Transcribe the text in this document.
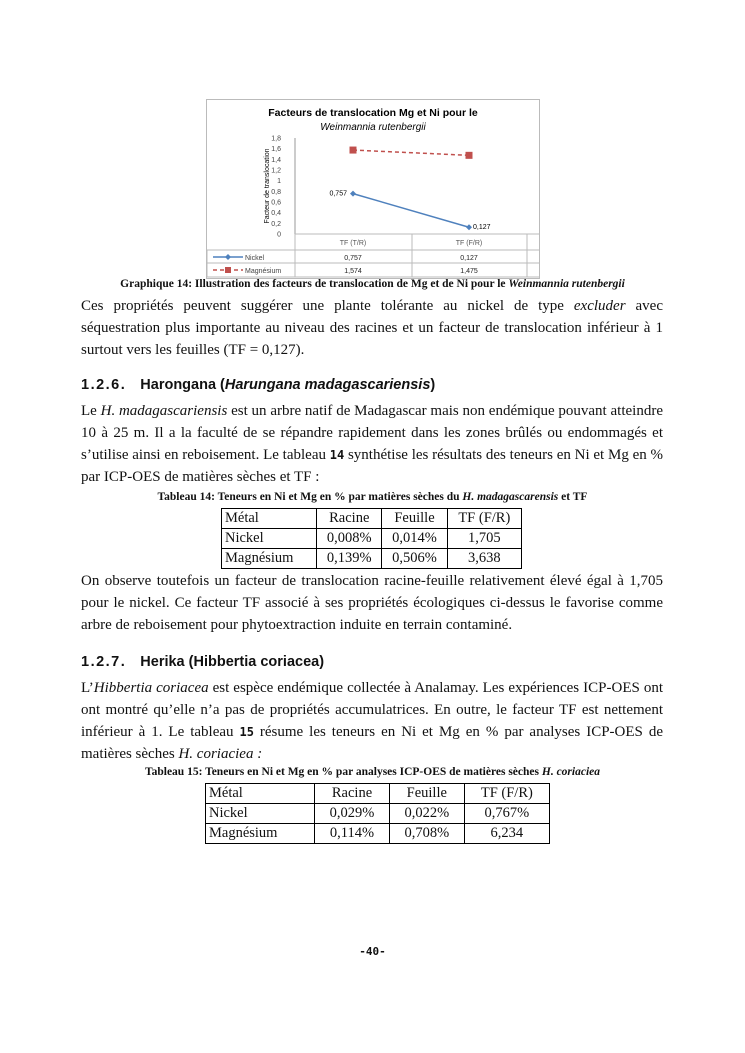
Facteurs de translocation Mg et Ni pour le
Weinmannia rutenbergii
Facteur de translocation
0
0,2
0,4
0,6
0,8
1
1,2
1,4
1,6
1,8
TF (T/R)	TF (F/R)
Nickel	0,757	0,127
Magnésium	1,574	1,475
0,757
0,127
Graphique 14: Illustration des facteurs de translocation de Mg et de Ni pour le Weinmannia rutenbergii
Ces propriétés peuvent suggérer une plante tolérante au nickel de type excluder avec séquestration plus importante au niveau des racines et un facteur de translocation inférieur à 1 surtout vers les feuilles (TF = 0,127).
1.2.6. Harongana (Harungana madagascariensis)
Le H. madagascariensis est un arbre natif de Madagascar mais non endémique pouvant atteindre 10 à 25 m. Il a la faculté de se répandre rapidement dans les zones brûlés ou endommagés et s’utilise ainsi en reboisement. Le tableau 14 synthétise les résultats des teneurs en Ni et Mg en % par ICP-OES de matières sèches et TF :
Tableau 14: Teneurs en Ni et Mg en % par matières sèches du H. madagascarensis et TF
Métal	Racine	Feuille	TF (F/R)
Nickel	0,008%	0,014%	1,705
Magnésium	0,139%	0,506%	3,638
On observe toutefois un facteur de translocation racine-feuille relativement élevé égal à 1,705 pour le nickel. Ce facteur TF associé à ses propriétés écologiques ci-dessus le favorise comme arbre de reboisement pour phytoextraction induite en terrain contaminé.
1.2.7. Herika (Hibbertia coriacea)
L’Hibbertia coriacea est espèce endémique collectée à Analamay. Les expériences ICP-OES ont ont montré qu’elle n’a pas de propriétés accumulatrices. En outre, le facteur TF est nettement inférieur à 1. Le tableau 15 résume les teneurs en Ni et Mg en % par analyses ICP-OES de matières sèches H. coriaciea :
Tableau 15: Teneurs en Ni et Mg en % par analyses ICP-OES de matières sèches H. coriaciea
Métal	Racine	Feuille	TF (F/R)
Nickel	0,029%	0,022%	0,767%
Magnésium	0,114%	0,708%	6,234
-40-
